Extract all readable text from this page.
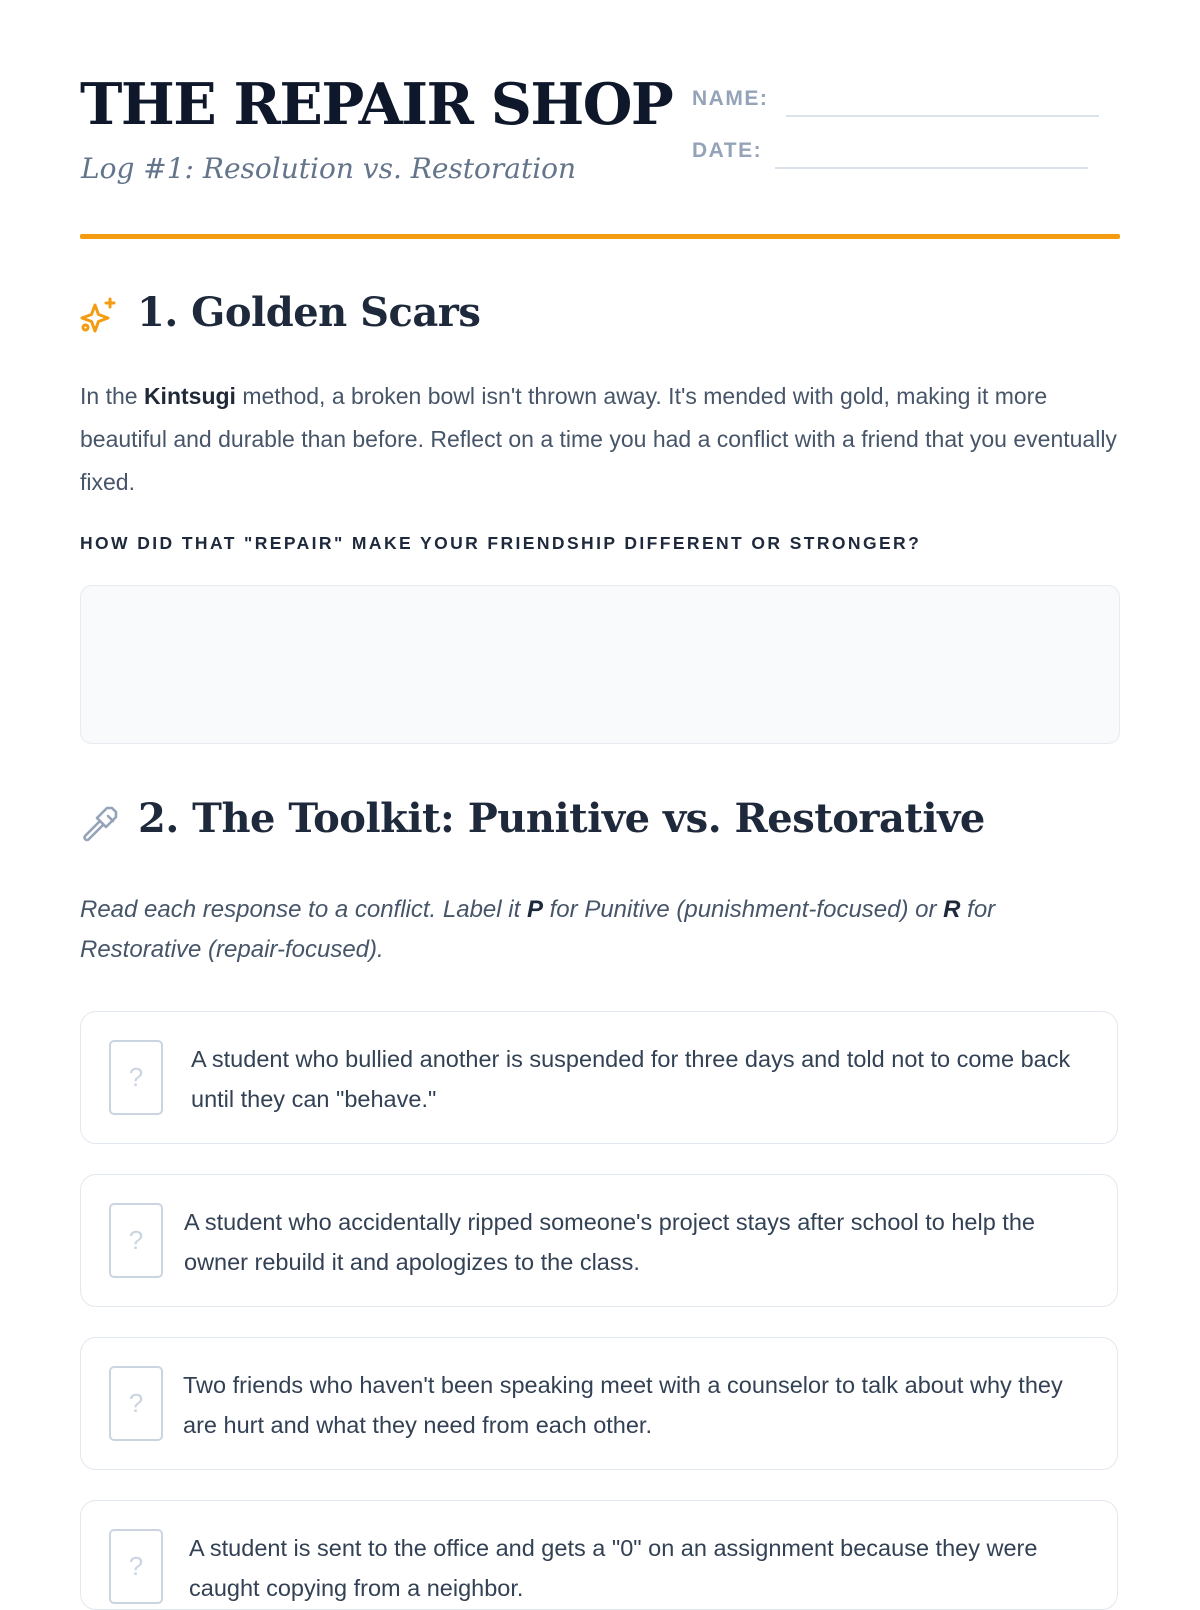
THE REPAIR SHOP
Log #1: Resolution vs. Restoration
NAME:
DATE:
1. Golden Scars

In the Kintsugi method, a broken bowl isn't thrown away. It's mended with gold, making it more beautiful and durable than before. Reflect on a time you had a conflict with a friend that you eventually fixed.

HOW DID THAT "REPAIR" MAKE YOUR FRIENDSHIP DIFFERENT OR STRONGER?
2. The Toolkit: Punitive vs. Restorative

Read each response to a conflict. Label it P for Punitive (punishment-focused) or R for Restorative (repair-focused).

?

A student who bullied another is suspended for three days and told not to come back until they can "behave."

?

A student who accidentally ripped someone's project stays after school to help the owner rebuild it and apologizes to the class.

?

Two friends who haven't been speaking meet with a counselor to talk about why they are hurt and what they need from each other.

?

A student is sent to the office and gets a "0" on an assignment because they were caught copying from a neighbor.
